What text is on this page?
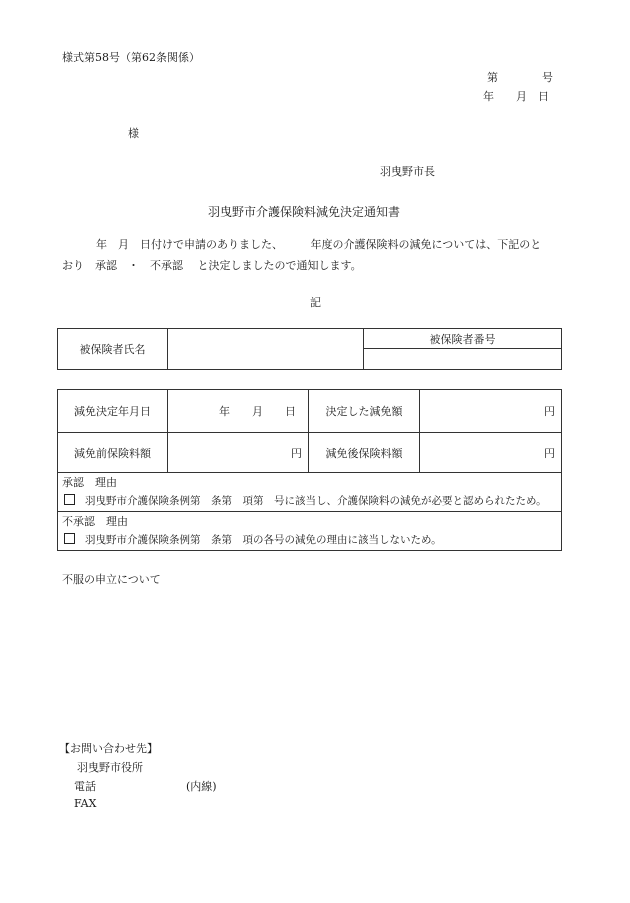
様式第58号（第62条関係）
第　　　　号
年　　月　日
様
羽曳野市長
羽曳野市介護保険料減免決定通知書
年　月　日付けで申請のありました、　　　年度の介護保険料の減免については、下記のと
おり　承認　・　不承認　 と決定しましたので通知します。
記
被保険者氏名		被保険者番号

減免決定年月日	年　　月　　日	決定した減免額	円
減免前保険料額	円	減免後保険料額	円

承認　理由
羽曳野市介護保険条例第　条第　項第　号に該当し、介護保険料の減免が必要と認められたため。			

不承認　理由
羽曳野市介護保険条例第　条第　項の各号の減免の理由に該当しないため。			
不服の申立について
【お問い合わせ先】
羽曳野市役所
電話	(内線)
FAX
